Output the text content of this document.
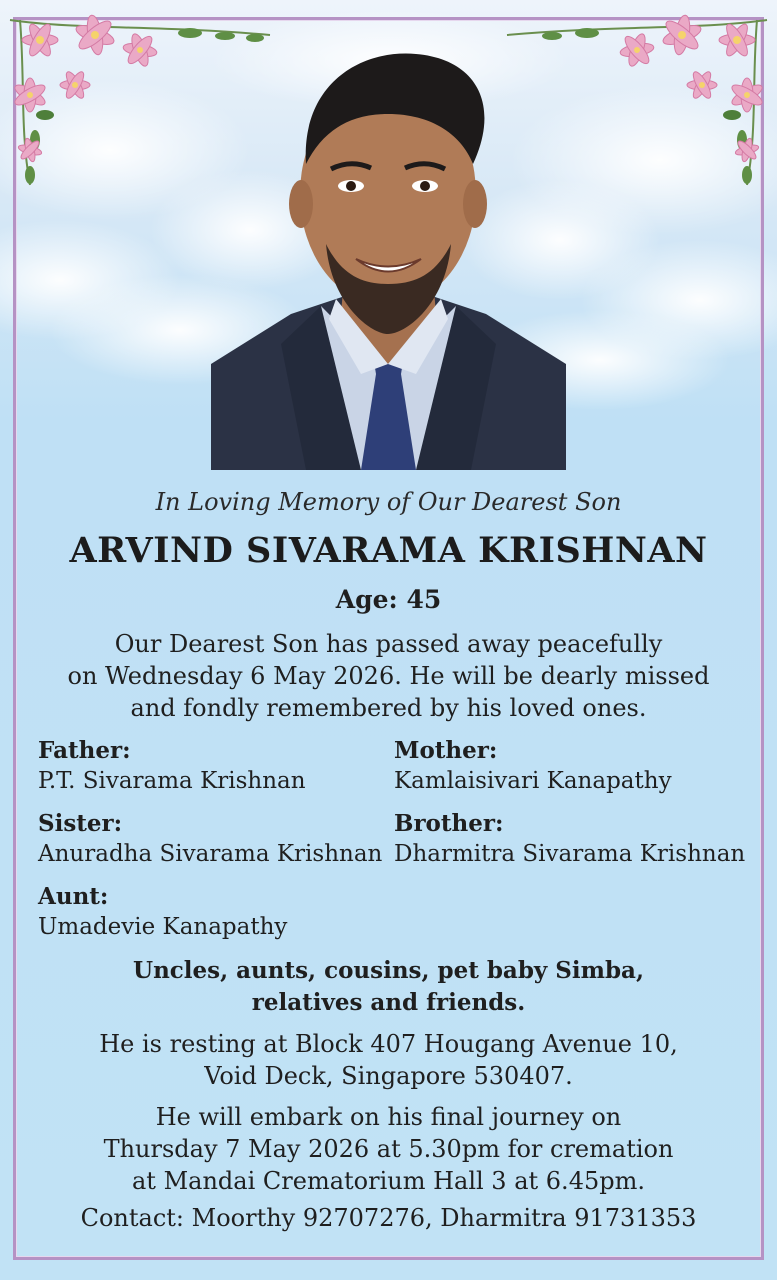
In Loving Memory of Our Dearest Son
ARVIND SIVARAMA KRISHNAN
Age: 45
Our Dearest Son has passed away peacefully
on Wednesday 6 May 2026. He will be dearly missed
and fondly remembered by his loved ones.
Father:
P.T. Sivarama Krishnan
Mother:
Kamlaisivari Kanapathy
Sister:
Anuradha Sivarama Krishnan
Brother:
Dharmitra Sivarama Krishnan
Aunt:
Umadevie Kanapathy
Uncles, aunts, cousins, pet baby Simba,
relatives and friends.
He is resting at Block 407 Hougang Avenue 10,
Void Deck, Singapore 530407.
He will embark on his final journey on
Thursday 7 May 2026 at 5.30pm for cremation
at Mandai Crematorium Hall 3 at 6.45pm.
Contact: Moorthy 92707276, Dharmitra 91731353
